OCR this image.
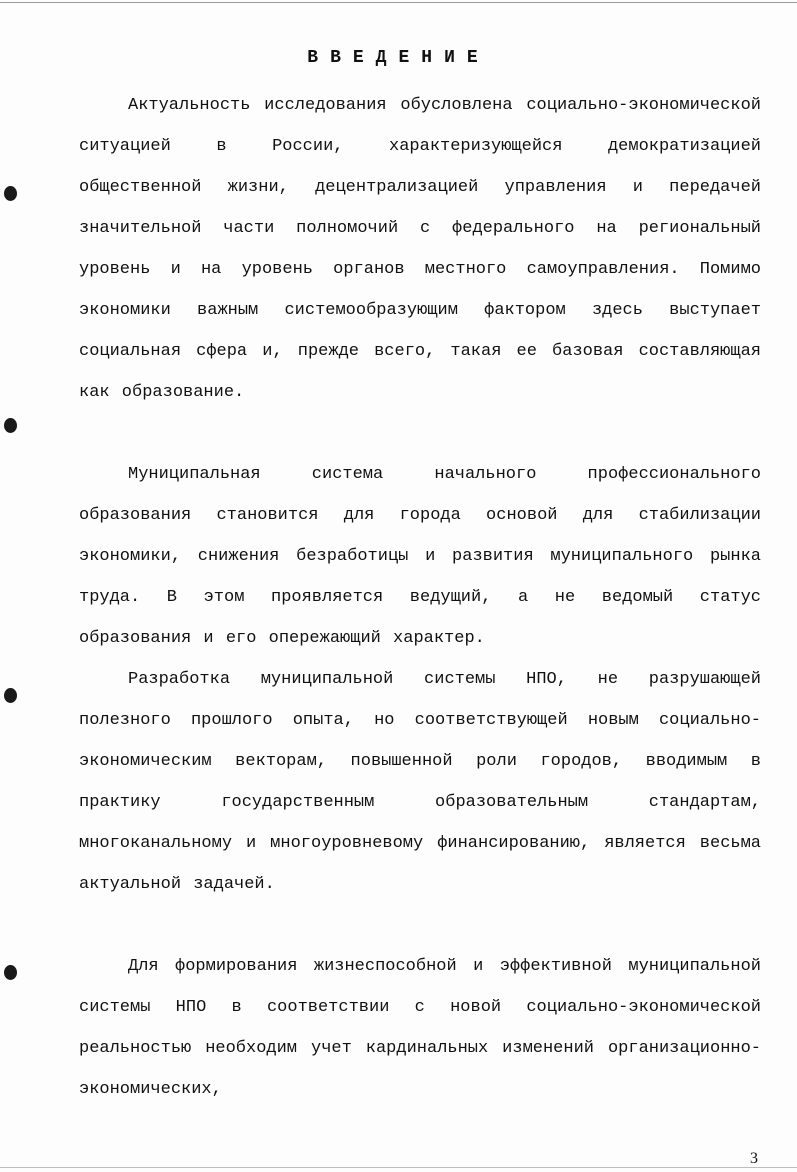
ВВЕДЕНИЕ

Актуальность исследования обусловлена социально-экономической ситуацией в России, характеризующейся демократизацией общественной жизни, децентрализацией управления и передачей значительной части полномочий с федерального на региональный уровень и на уровень органов местного самоуправления. Помимо экономики важным системообразующим фактором здесь выступает социальная сфера и, прежде всего, такая ее базовая составляющая как образование.

Муниципальная система начального профессионального образования становится для города основой для стабилизации экономики, снижения безработицы и развития муниципального рынка труда. В этом проявляется ведущий, а не ведомый статус образования и его опережающий характер.

Разработка муниципальной системы НПО, не разрушающей полезного прошлого опыта, но соответствующей новым социально-экономическим векторам, повышенной роли городов, вводимым в практику государственным образовательным стандартам, многоканальному и многоуровневому финансированию, является весьма актуальной задачей.

Для формирования жизнеспособной и эффективной муниципальной системы НПО в соответствии с новой социально-экономической реальностью необходим учет кардинальных изменений организационно-экономических,

3
